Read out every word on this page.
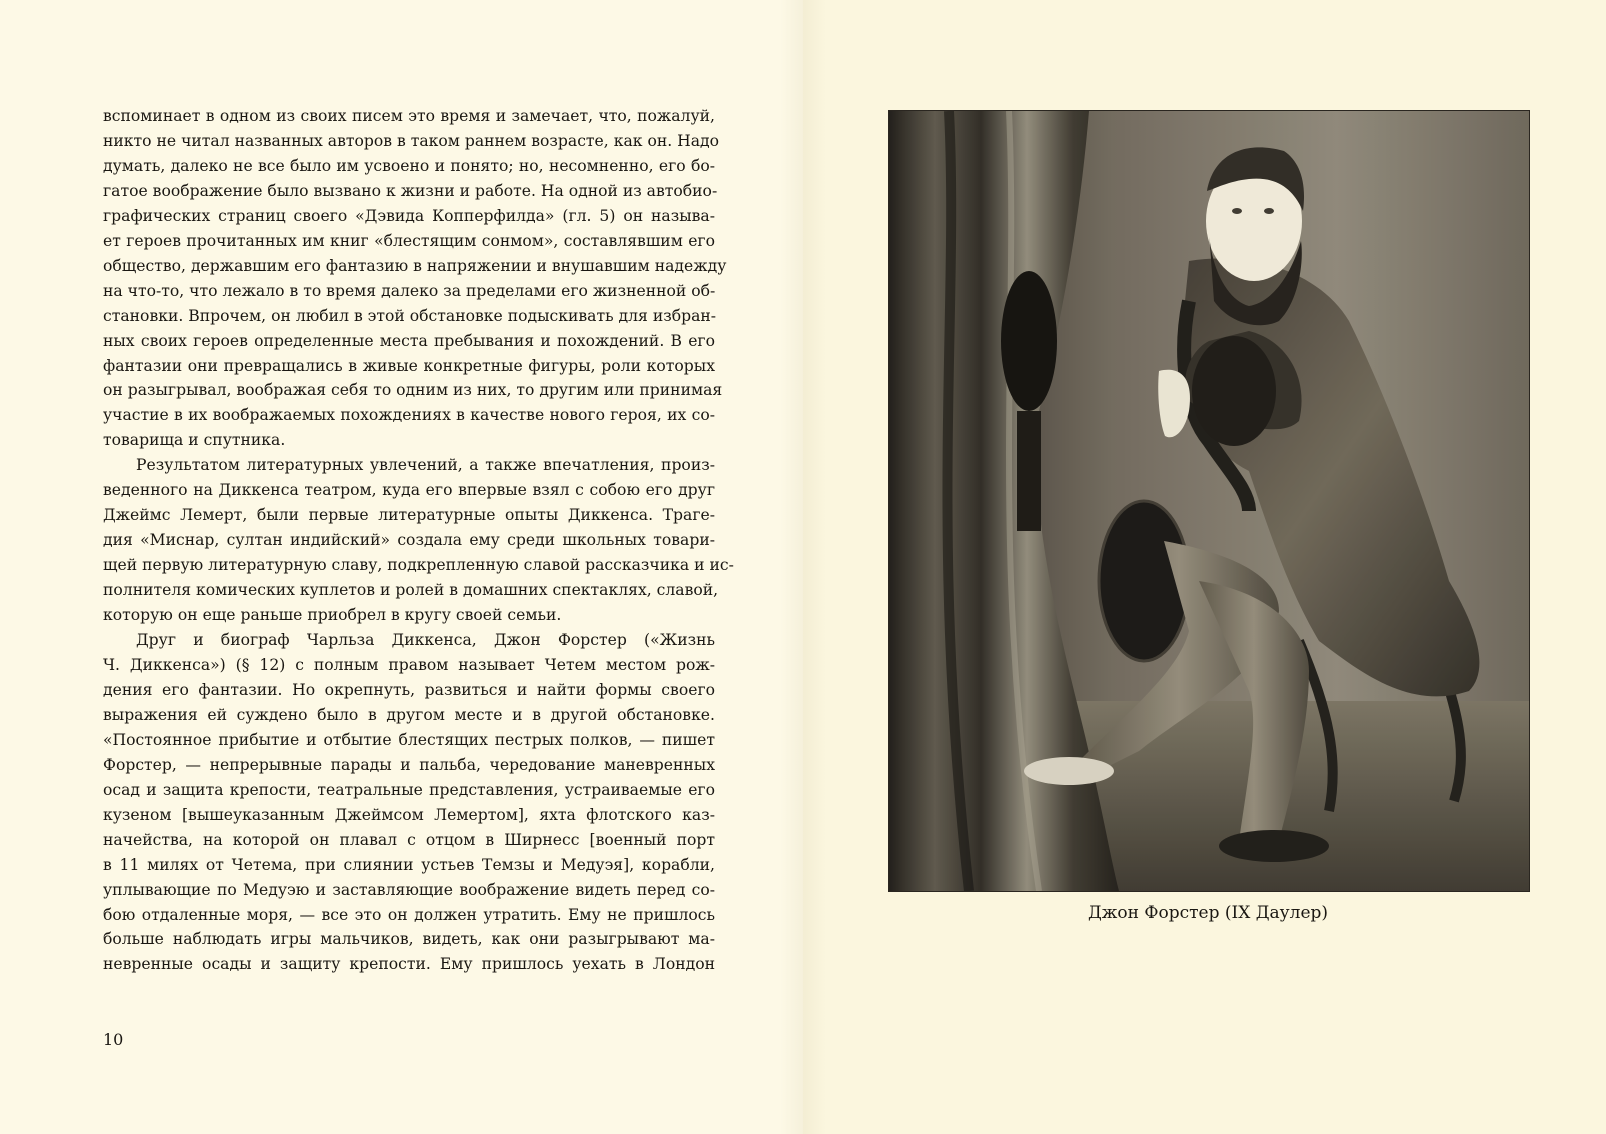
вспоминает в одном из своих писем это время и замечает, что, пожалуй,
никто не читал названных авторов в таком раннем возрасте, как он. Надо
думать, далеко не все было им усвоено и понято; но, несомненно, его бо-
гатое воображение было вызвано к жизни и работе. На одной из автобио-
графических страниц своего «Дэвида Копперфилда» (гл. 5) он называ-
ет героев прочитанных им книг «блестящим сонмом», составлявшим его
общество, державшим его фантазию в напряжении и внушавшим надежду
на что-то, что лежало в то время далеко за пределами его жизненной об-
становки. Впрочем, он любил в этой обстановке подыскивать для избран-
ных своих героев определенные места пребывания и похождений. В его
фантазии они превращались в живые конкретные фигуры, роли которых
он разыгрывал, воображая себя то одним из них, то другим или принимая
участие в их воображаемых похождениях в качестве нового героя, их со-
товарища и спутника.
Результатом литературных увлечений, а также впечатления, произ-
веденного на Диккенса театром, куда его впервые взял с собою его друг
Джеймс Лемерт, были первые литературные опыты Диккенса. Траге-
дия «Миснар, султан индийский» создала ему среди школьных товари-
щей первую литературную славу, подкрепленную славой рассказчика и ис-
полнителя комических куплетов и ролей в домашних спектаклях, славой,
которую он еще раньше приобрел в кругу своей семьи.
Друг и биограф Чарльза Диккенса, Джон Форстер («Жизнь
Ч. Диккенса») (§ 12) с полным правом называет Четем местом рож-
дения его фантазии. Но окрепнуть, развиться и найти формы своего
выражения ей суждено было в другом месте и в другой обстановке.
«Постоянное прибытие и отбытие блестящих пестрых полков, — пишет
Форстер, — непрерывные парады и пальба, чередование маневренных
осад и защита крепости, театральные представления, устраиваемые его
кузеном [вышеуказанным Джеймсом Лемертом], яхта флотского каз-
начейства, на которой он плавал с отцом в Ширнесс [военный порт
в 11 милях от Четема, при слиянии устьев Темзы и Медуэя], корабли,
уплывающие по Медуэю и заставляющие воображение видеть перед со-
бою отдаленные моря, — все это он должен утратить. Ему не пришлось
больше наблюдать игры мальчиков, видеть, как они разыгрывают ма-
невренные осады и защиту крепости. Ему пришлось уехать в Лондон
10
Джон Форстер (IX Даулер)
